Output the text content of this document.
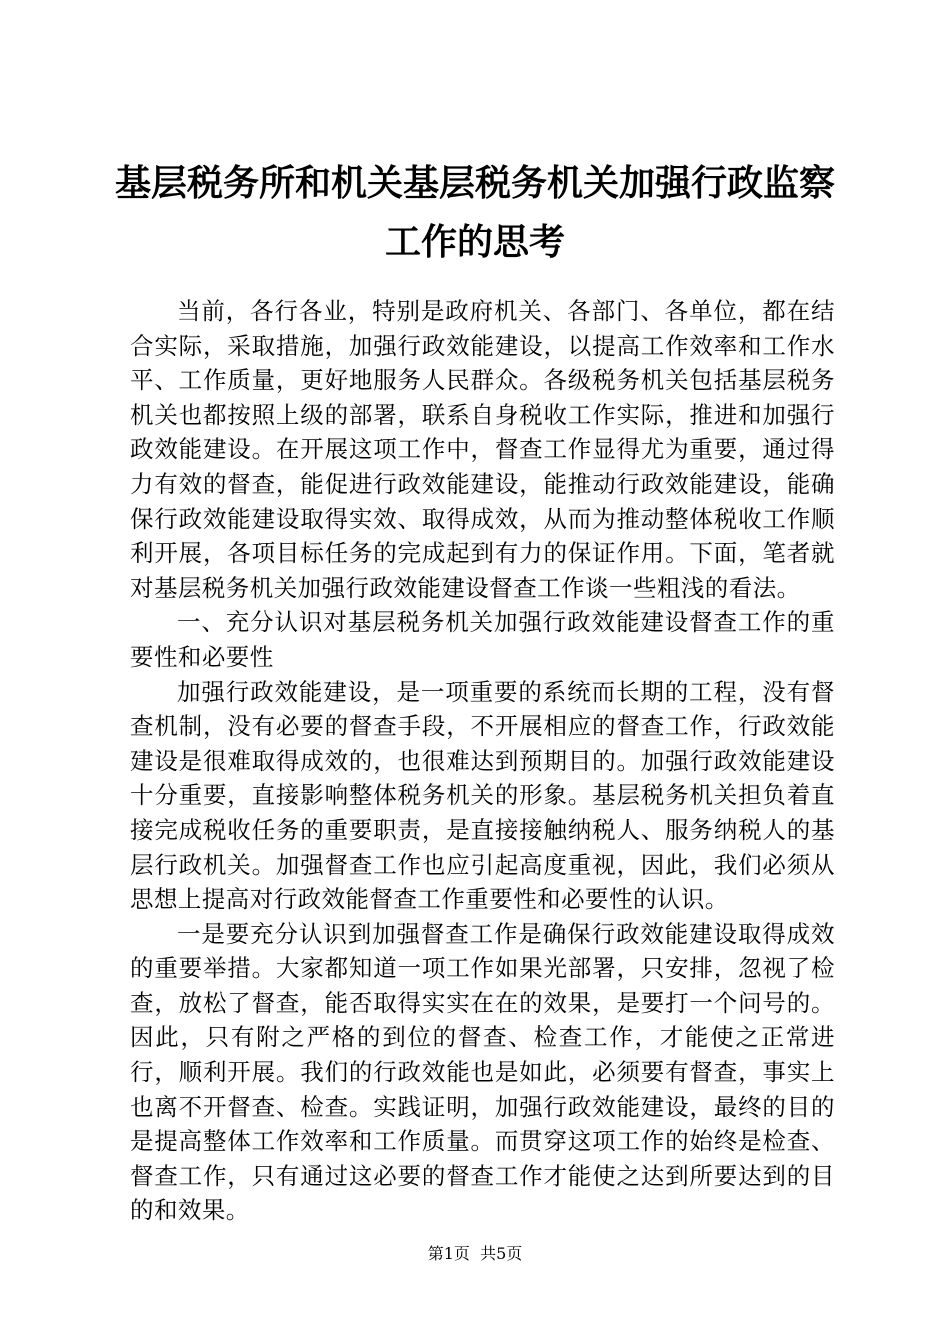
基层税务所和机关基层税务机关加强行政监察
工作的思考

当前，各行各业，特别是政府机关、各部门、各单位，都在结合实际，采取措施，加强行政效能建设，以提高工作效率和工作水平、工作质量，更好地服务人民群众。各级税务机关包括基层税务机关也都按照上级的部署，联系自身税收工作实际，推进和加强行政效能建设。在开展这项工作中，督查工作显得尤为重要，通过得力有效的督查，能促进行政效能建设，能推动行政效能建设，能确保行政效能建设取得实效、取得成效，从而为推动整体税收工作顺利开展，各项目标任务的完成起到有力的保证作用。下面，笔者就对基层税务机关加强行政效能建设督查工作谈一些粗浅的看法。

一、充分认识对基层税务机关加强行政效能建设督查工作的重要性和必要性

加强行政效能建设，是一项重要的系统而长期的工程，没有督查机制，没有必要的督查手段，不开展相应的督查工作，行政效能建设是很难取得成效的，也很难达到预期目的。加强行政效能建设十分重要，直接影响整体税务机关的形象。基层税务机关担负着直接完成税收任务的重要职责，是直接接触纳税人、服务纳税人的基层行政机关。加强督查工作也应引起高度重视，因此，我们必须从思想上提高对行政效能督查工作重要性和必要性的认识。

一是要充分认识到加强督查工作是确保行政效能建设取得成效的重要举措。大家都知道一项工作如果光部署，只安排，忽视了检查，放松了督查，能否取得实实在在的效果，是要打一个问号的。因此，只有附之严格的到位的督查、检查工作，才能使之正常进行，顺利开展。我们的行政效能也是如此，必须要有督查，事实上也离不开督查、检查。实践证明，加强行政效能建设，最终的目的是提高整体工作效率和工作质量。而贯穿这项工作的始终是检查、督查工作，只有通过这必要的督查工作才能使之达到所要达到的目的和效果。

第1页  共5页
